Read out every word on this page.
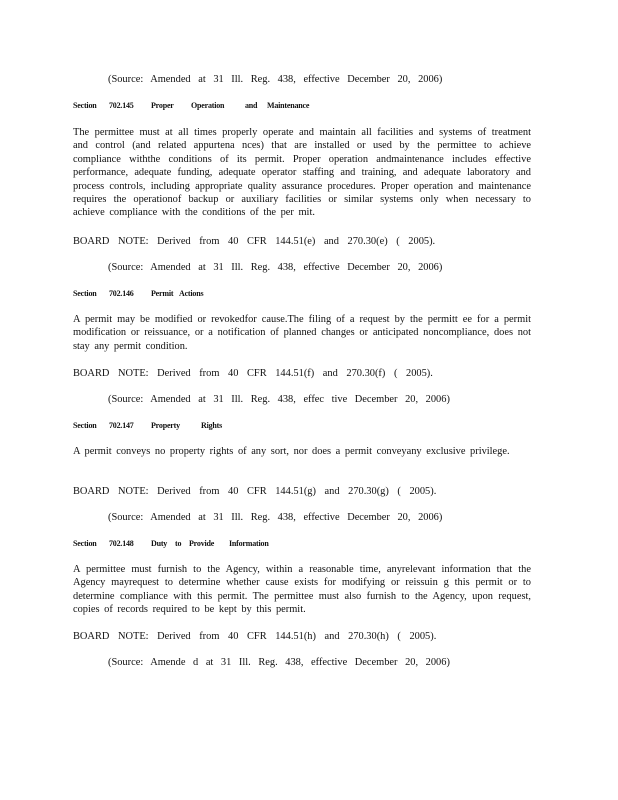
(Source: Amended at 31 Ill. Reg. 438, effective December 20, 2006)
Section 702.145 Proper Operation	and Maintenance
The permittee must at all times properly operate and maintain all facilities and systems of treatment and control (and related appurtena nces) that are installed or used by the permittee to achieve compliance withthe conditions of its permit. Proper operation andmaintenance includes effective performance, adequate funding, adequate operator staffing and training, and adequate laboratory and process controls, including appropriate quality assurance procedures. Proper operation and maintenance requires the operationof backup or auxiliary facilities or similar systems only when necessary to achieve compliance with the conditions of the per mit.
BOARD NOTE: Derived from 40 CFR 144.51(e) and 270.30(e) ( 2005).
(Source: Amended at 31 Ill. Reg. 438, effective December 20, 2006)
Section 702.146 Permit Actions
A permit may be modified or revokedfor cause.The filing of a request by the permitt ee for a permit modification or reissuance, or a notification of planned changes or anticipated noncompliance, does not stay any permit condition.
BOARD NOTE: Derived from 40 CFR 144.51(f) and 270.30(f) ( 2005).
(Source: Amended at 31 Ill. Reg. 438, effec tive December 20, 2006)
Section 702.147 Property	Rights
A permit conveys no property rights of any sort, nor does a permit conveyany exclusive privilege.
BOARD NOTE: Derived from 40 CFR 144.51(g) and 270.30(g) ( 2005).
(Source: Amended at 31 Ill. Reg. 438, effective December 20, 2006)
Section 702.148 Duty to Provide Information
A permittee must furnish to the Agency, within a reasonable time, anyrelevant information that the Agency mayrequest to determine whether cause exists for modifying or reissuin g this permit or to determine compliance with this permit. The permittee must also furnish to the Agency, upon request, copies of records required to be kept by this permit.
BOARD NOTE: Derived from 40 CFR 144.51(h) and 270.30(h) ( 2005).
(Source: Amende d at 31 Ill. Reg. 438, effective December 20, 2006)
